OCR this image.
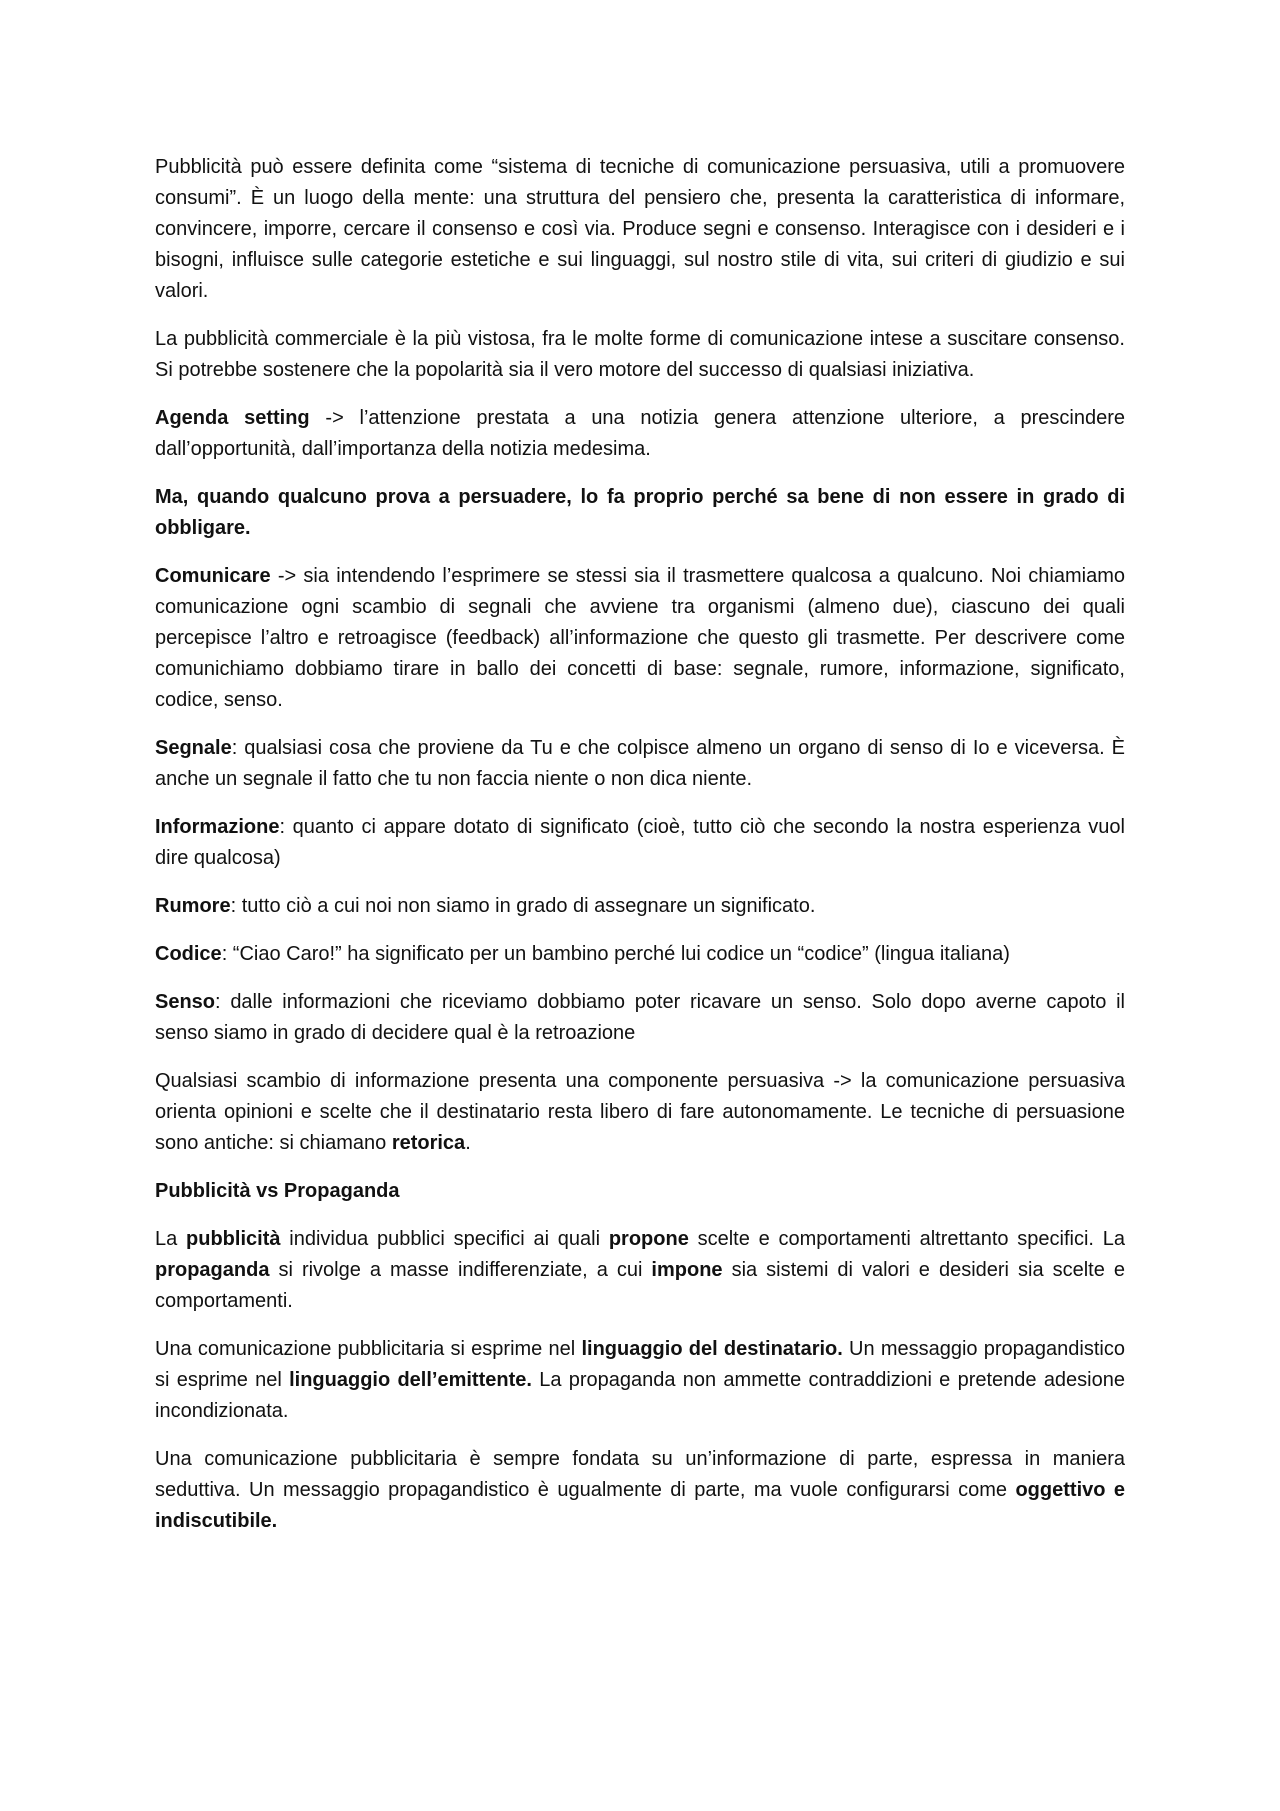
Pubblicità può essere definita come “sistema di tecniche di comunicazione persuasiva, utili a promuovere consumi”. È un luogo della mente: una struttura del pensiero che, presenta la caratteristica di informare, convincere, imporre, cercare il consenso e così via. Produce segni e consenso. Interagisce con i desideri e i bisogni, influisce sulle categorie estetiche e sui linguaggi, sul nostro stile di vita, sui criteri di giudizio e sui valori.

La pubblicità commerciale è la più vistosa, fra le molte forme di comunicazione intese a suscitare consenso. Si potrebbe sostenere che la popolarità sia il vero motore del successo di qualsiasi iniziativa.

Agenda setting -> l’attenzione prestata a una notizia genera attenzione ulteriore, a prescindere dall’opportunità, dall’importanza della notizia medesima.

Ma, quando qualcuno prova a persuadere, lo fa proprio perché sa bene di non essere in grado di obbligare.

Comunicare -> sia intendendo l’esprimere se stessi sia il trasmettere qualcosa a qualcuno. Noi chiamiamo comunicazione ogni scambio di segnali che avviene tra organismi (almeno due), ciascuno dei quali percepisce l’altro e retroagisce (feedback) all’informazione che questo gli trasmette. Per descrivere come comunichiamo dobbiamo tirare in ballo dei concetti di base: segnale, rumore, informazione, significato, codice, senso.

Segnale: qualsiasi cosa che proviene da Tu e che colpisce almeno un organo di senso di Io e viceversa. È anche un segnale il fatto che tu non faccia niente o non dica niente.

Informazione: quanto ci appare dotato di significato (cioè, tutto ciò che secondo la nostra esperienza vuol dire qualcosa)

Rumore: tutto ciò a cui noi non siamo in grado di assegnare un significato.

Codice: “Ciao Caro!” ha significato per un bambino perché lui codice un “codice” (lingua italiana)

Senso: dalle informazioni che riceviamo dobbiamo poter ricavare un senso. Solo dopo averne capoto il senso siamo in grado di decidere qual è la retroazione

Qualsiasi scambio di informazione presenta una componente persuasiva -> la comunicazione persuasiva orienta opinioni e scelte che il destinatario resta libero di fare autonomamente. Le tecniche di persuasione sono antiche: si chiamano retorica.

Pubblicità vs Propaganda

La pubblicità individua pubblici specifici ai quali propone scelte e comportamenti altrettanto specifici. La propaganda si rivolge a masse indifferenziate, a cui impone sia sistemi di valori e desideri sia scelte e comportamenti.

Una comunicazione pubblicitaria si esprime nel linguaggio del destinatario. Un messaggio propagandistico si esprime nel linguaggio dell’emittente. La propaganda non ammette contraddizioni e pretende adesione incondizionata.

Una comunicazione pubblicitaria è sempre fondata su un’informazione di parte, espressa in maniera seduttiva. Un messaggio propagandistico è ugualmente di parte, ma vuole configurarsi come oggettivo e indiscutibile.
